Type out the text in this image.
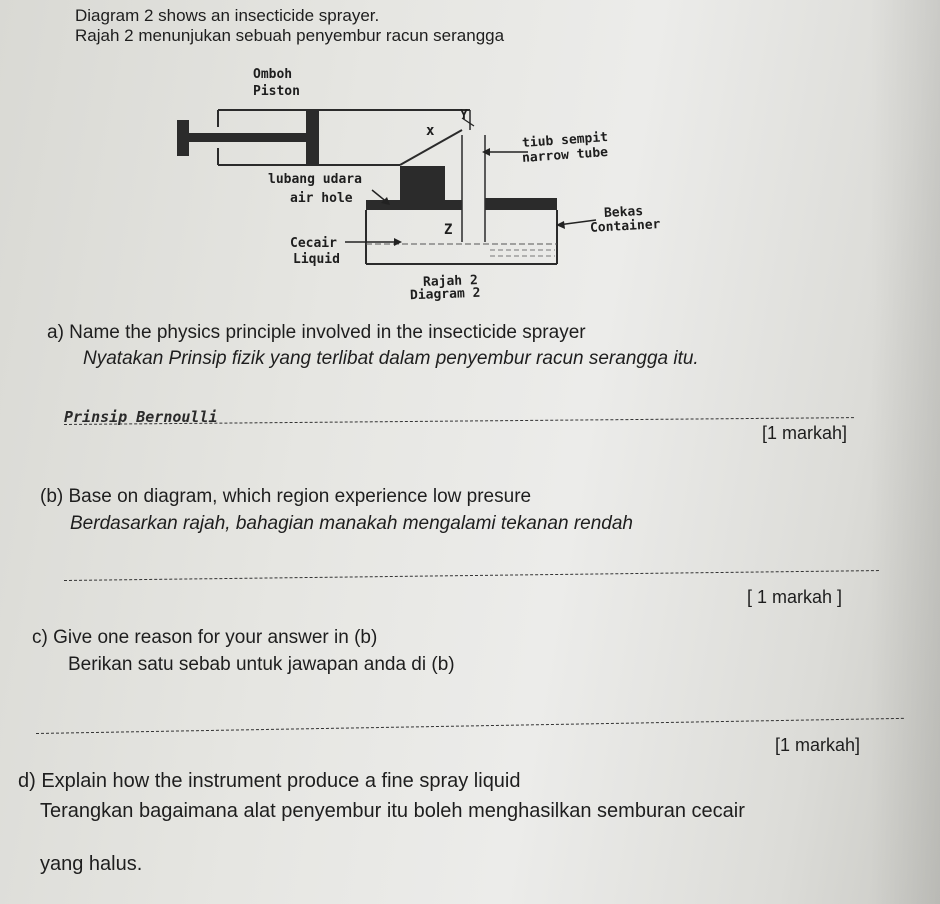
Diagram 2 shows an insecticide sprayer.
Rajah 2 menunjukan sebuah penyembur racun serangga
Omboh
Piston
x
Y
tiub sempit
narrow tube
lubang udara
air hole
Bekas
Container
Z
Cecair
Liquid
Rajah 2
Diagram 2
a) Name the physics principle involved in the insecticide sprayer
Nyatakan Prinsip fizik yang terlibat dalam penyembur racun serangga itu.
Prinsip Bernoulli
[1 markah]
(b) Base on diagram, which region experience low presure
Berdasarkan rajah, bahagian manakah mengalami tekanan rendah
[ 1 markah ]
c) Give one reason for your answer in (b)
Berikan satu sebab untuk jawapan anda di (b)
[1 markah]
d) Explain how the instrument produce a fine spray liquid
Terangkan bagaimana alat penyembur itu boleh menghasilkan semburan cecair
yang halus.
